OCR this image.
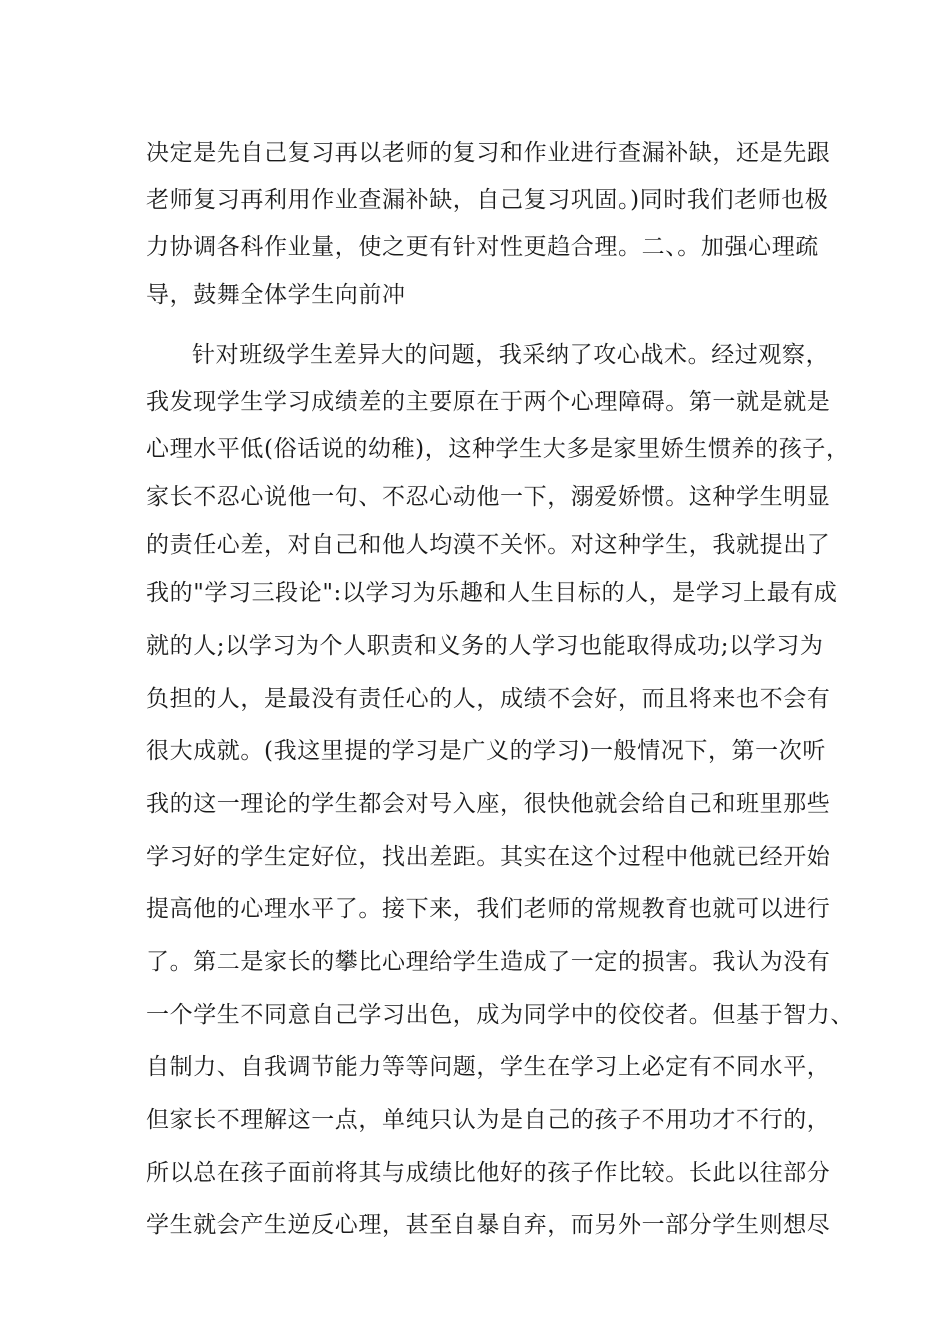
决定是先自己复习再以老师的复习和作业进行查漏补缺，还是先跟
老师复习再利用作业查漏补缺，自己复习巩固。)同时我们老师也极
力协调各科作业量，使之更有针对性更趋合理。二、。加强心理疏
导，鼓舞全体学生向前冲
针对班级学生差异大的问题，我采纳了攻心战术。经过观察，
我发现学生学习成绩差的主要原在于两个心理障碍。第一就是就是
心理水平低(俗话说的幼稚)，这种学生大多是家里娇生惯养的孩子，
家长不忍心说他一句、不忍心动他一下，溺爱娇惯。这种学生明显
的责任心差，对自己和他人均漠不关怀。对这种学生，我就提出了
我的"学习三段论":以学习为乐趣和人生目标的人，是学习上最有成
就的人;以学习为个人职责和义务的人学习也能取得成功;以学习为
负担的人，是最没有责任心的人，成绩不会好，而且将来也不会有
很大成就。(我这里提的学习是广义的学习)一般情况下，第一次听
我的这一理论的学生都会对号入座，很快他就会给自己和班里那些
学习好的学生定好位，找出差距。其实在这个过程中他就已经开始
提高他的心理水平了。接下来，我们老师的常规教育也就可以进行
了。第二是家长的攀比心理给学生造成了一定的损害。我认为没有
一个学生不同意自己学习出色，成为同学中的佼佼者。但基于智力、
自制力、自我调节能力等等问题，学生在学习上必定有不同水平，
但家长不理解这一点，单纯只认为是自己的孩子不用功才不行的，
所以总在孩子面前将其与成绩比他好的孩子作比较。长此以往部分
学生就会产生逆反心理，甚至自暴自弃，而另外一部分学生则想尽
